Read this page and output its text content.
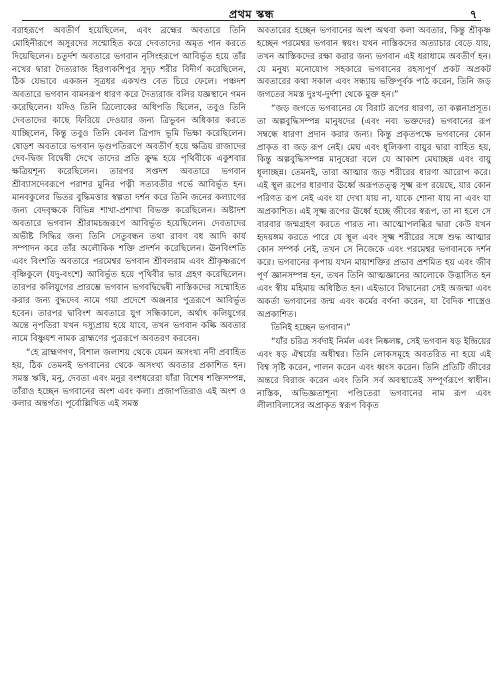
প্রথম স্কন্ধ	৭

বরাহরূপে অবতীর্ণ হয়েছিলেন, এবং ব্রহ্মের অবতারে তিনি মোহিনীরূপে অসুরদের সম্মোহিত করে দেবতাদের অমৃত পান করতে দিয়েছিলেন। চতুর্দশ অবতারে ভগবান নৃসিংহরূপে আবির্ভূত হয়ে তাঁর নখের দ্বারা দৈত্যরাজ হিরণ্যকশিপুর সুদৃঢ় শরীর বিদীর্ণ করেছিলেন, ঠিক যেভাবে একজন সূত্রধর একখণ্ড বেত চিরে ফেলে। পঞ্চদশ অবতারে ভগবান বামনরূপ ধারণ করে দৈত্যরাজ বলির যজ্ঞস্থানে গমন করেছিলেন। যদিও তিনি ত্রিলোকের অধিপতি ছিলেন, তবুও তিনি দেবতাদের কাছে ফিরিয়ে দেওয়ার জন্য ত্রিভুবন অধিকার করতে যাচ্ছিলেন, কিন্তু তবুও তিনি কেবল ত্রিপাদ ভূমি ভিক্ষা করেছিলেন। ষোড়শ অবতারে ভগবান ভৃগুপতিরূপে অবতীর্ণ হয়ে ক্ষত্রিয় রাজাদের দেব-দ্বিজ বিদ্বেষী দেখে তাদের প্রতি ক্রুদ্ধ হয়ে পৃথিবীকে একুশবার ক্ষত্রিয়শূন্য করেছিলেন। তারপর সপ্তদশ অবতারে ভগবান শ্রীব্যাসদেবরূপে পরাশর মুনির পত্নী সত্যবতীর গর্ভে আবির্ভূত হন। মানবকুলের ভিতর বুদ্ধিমত্তার স্বল্পতা দর্শন করে তিনি জনের কল্যাণের জন্য বেদবৃক্ষকে বিভিন্ন শাখা-প্রশাখা বিভক্ত করেছিলেন। অষ্টাদশ অবতারে ভগবান শ্রীরামচন্দ্ররূপে আবির্ভূত হয়েছিলেন। দেবতাদের অভীষ্ট সিদ্ধির জন্য তিনি সেতুবন্ধন তথা রাবণ বধ আদি কার্য সম্পাদন করে তাঁর অলৌকিক শক্তি প্রদর্শন করেছিলেন। ঊনবিংশতি এবং বিংশতি অবতারে পরমেশ্বর ভগবান শ্রীবলরাম এবং শ্রীকৃষ্ণরূপে বৃষ্ণিকুলে (যদু-বংশে) আবির্ভূত হয়ে পৃথিবীর ভার গ্রহণ করেছিলেন। তারপর কলিযুগের প্রারম্ভে ভগবান ভগবদ্বিদ্বেষী নাস্তিকদের সম্মোহিত করার জন্য বুদ্ধদেব নামে গয়া প্রদেশে অঞ্জনার পুত্ররূপে আবির্ভূত হবেন। তারপর দ্বাবিংশ অবতারে যুগ সন্ধিকালে, অর্থাৎ কলিযুগের অন্তে নৃপতিরা যখন দস্যুপ্রায় হয়ে যাবে, তখন ভগবান কল্কি অবতার নামে বিষ্ণুযশ নামক ব্রাহ্মণের পুত্ররূপে অবতরণ করবেন।

“হে ব্রাহ্মণগণ, বিশাল জলাশয় থেকে যেমন অসংখ্য নদী প্রবাহিত হয়, ঠিক তেমনই ভগবানের থেকে অসংখ্য অবতার প্রকাশিত হন। সমস্ত ঋষি, মনু, দেবতা এবং মনুর বংশধরেরা যাঁরা বিশেষ শক্তিসম্পন্ন, তাঁরাও হচ্ছেন ভগবানের অংশ এবং কলা। প্রজাপতিরাও এই অংশ ও কলার অন্তর্গত। পূর্বোল্লিখিত এই সমস্ত

অবতারের হচ্ছেন ভগবানের অংশ অথবা কলা অবতার, কিন্তু শ্রীকৃষ্ণ হচ্ছেন পরমেশ্বর ভগবান স্বয়ং। যখন নাস্তিকদের অত্যাচার বেড়ে যায়, তখন আস্তিকদের রক্ষা করার জন্য ভগবান এই ধরাধামে অবতীর্ণ হন। যে মনুষ্য মনোযোগ সহকারে ভগবানের রহস্যপূর্ণ প্রকট অপ্রকট অবতারের কথা সকাল এবং সন্ধ্যায় ভক্তিপূর্বক পাঠ করেন, তিনি জড় জগতের সমস্ত দুঃখ-দুর্দশা থেকে মুক্ত হন।”

“জড় জগতে ভগবানের যে বিরাট রূপের ধারণা, তা কল্পনাপ্রসূত। তা অল্পবুদ্ধিসম্পন্ন মানুষদের (এবং নব্য ভক্তদের) ভগবানের রূপ সম্বন্ধে ধারণা প্রদান করার জন্য। কিন্তু প্রকৃতপক্ষে ভগবানের কোন প্রাকৃত বা জড় রূপ নেই। মেঘ এবং ধূলিকণা বায়ুর দ্বারা বাহিত হয়, কিন্তু অল্পবুদ্ধিসম্পন্ন মানুষেরা বলে যে আকাশ মেঘাচ্ছন্ন এবং বায়ু ধূলাচ্ছন্ন। তেমনই, তারা আত্মার জড় শরীরের ধারণা আরোপ করে। এই স্থূল রূপের ধারণার ঊর্ধ্বে অরূপতত্ত্ব সূক্ষ্ম রূপ রয়েছে, যার কোন পরিণত রূপ নেই এবং যা দেখা যায় না, যাকে শোনা যায় না এবং যা অপ্রকাশিত। এই সূক্ষ্ম রূপের ঊর্ধ্বে হচ্ছে জীবের স্বরূপ, তা না হলে সে বারবার জন্মগ্রহণ করতে পারত না। আত্মোপলব্ধির দ্বারা কেউ যখন হৃদয়ঙ্গম করতে পারে যে স্থূল এবং সূক্ষ্ম শরীরের সঙ্গে শুদ্ধ আত্মার কোন সম্পর্ক নেই, তখন সে নিজেকে এবং পরমেশ্বর ভগবানকে দর্শন করে। ভগবানের কৃপায় যখন মায়াশক্তির প্রভাব প্রশমিত হয় এবং জীব পূর্ণ জ্ঞানসম্পন্ন হন, তখন তিনি আত্মজ্ঞানের আলোকে উদ্ভাসিত হন এবং স্বীয় মহিমায় অধিষ্ঠিত হন। এইভাবে বিদ্বানেরা সেই অজন্মা এবং অকর্তা ভগবানের জন্ম এবং কর্মের বর্ণনা করেন, যা বৈদিক শাস্ত্রেও অপ্রকাশিত।

তিনিই হচ্ছেন ভগবান।”

“যাঁর চরিত্র সর্বদাই নির্মল এবং নিষ্কলঙ্ক, সেই ভগবান ষড় ইন্দ্রিয়ের এবং ষড় ঐশ্বর্যের অধীশ্বর। তিনি লোকসমূহে অবতরিত না হয়ে এই বিশ্ব সৃষ্টি করেন, পালন করেন এবং ধ্বংস করেন। তিনি প্রতিটি জীবের অন্তরে বিরাজ করেন এবং তিনি সর্ব অবস্থাতেই সম্পূর্ণরূপে স্বাধীন। নাস্তিক, অভিজ্ঞতাশূন্য পণ্ডিতেরা ভগবানের নাম রূপ এবং লীলাবিলাসের অপ্রাকৃত স্বরূপ বিকৃত
